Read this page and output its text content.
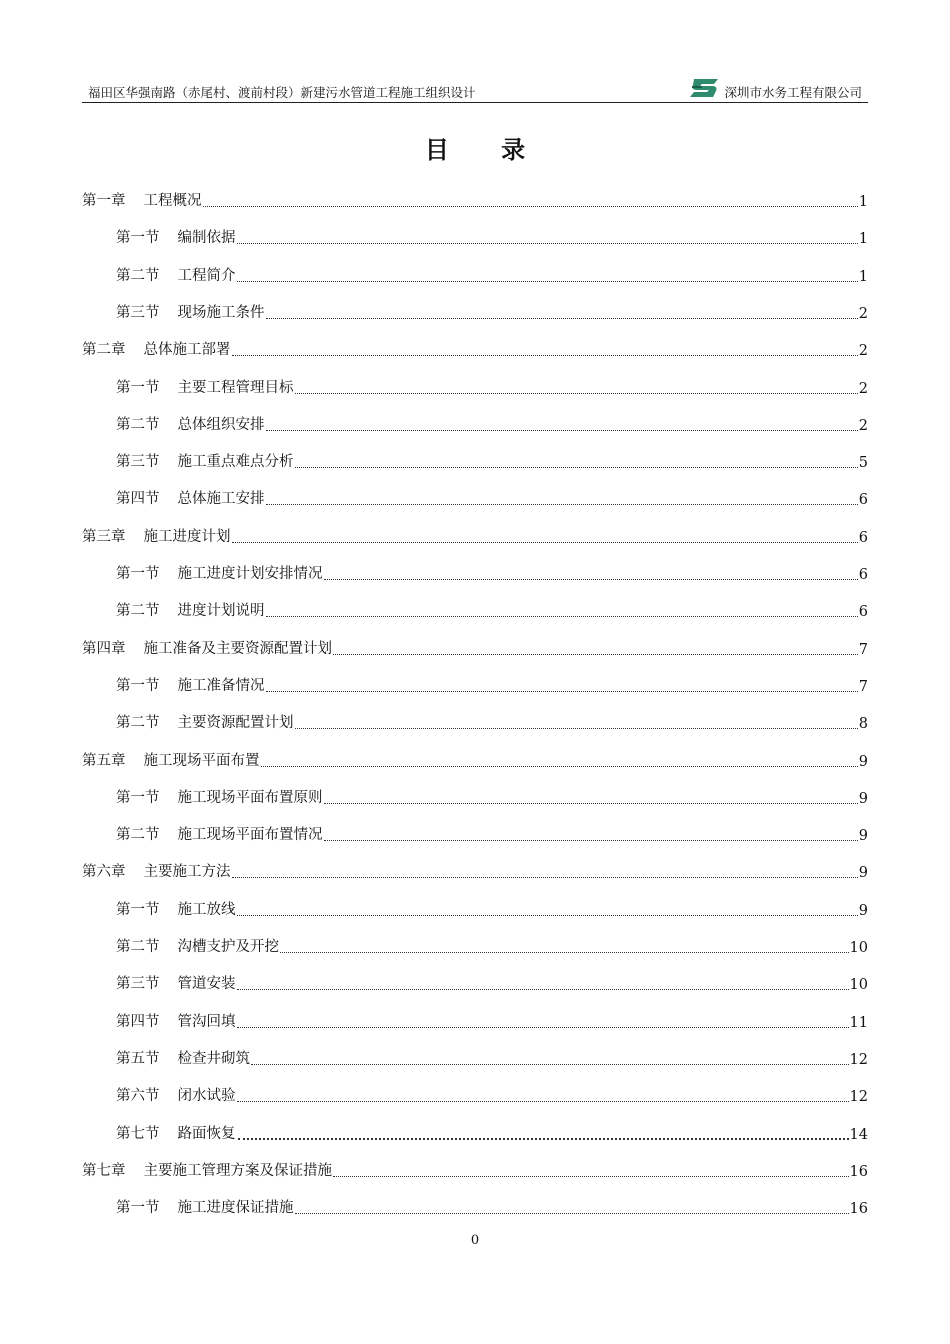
福田区华强南路（赤尾村、渡前村段）新建污水管道工程施工组织设计	深圳市水务工程有限公司
目 录
第一章 工程概况	1
第一节 编制依据	1
第二节 工程简介	1
第三节 现场施工条件	2
第二章 总体施工部署	2
第一节 主要工程管理目标	2
第二节 总体组织安排	2
第三节 施工重点难点分析	5
第四节 总体施工安排	6
第三章 施工进度计划	6
第一节 施工进度计划安排情况	6
第二节 进度计划说明	6
第四章 施工准备及主要资源配置计划	7
第一节 施工准备情况	7
第二节 主要资源配置计划	8
第五章 施工现场平面布置	9
第一节 施工现场平面布置原则	9
第二节 施工现场平面布置情况	9
第六章 主要施工方法	9
第一节 施工放线	9
第二节 沟槽支护及开挖	10
第三节 管道安装	10
第四节 管沟回填	11
第五节 检查井砌筑	12
第六节 闭水试验	12
第七节 路面恢复	14
第七章 主要施工管理方案及保证措施	16
第一节 施工进度保证措施	16
0
